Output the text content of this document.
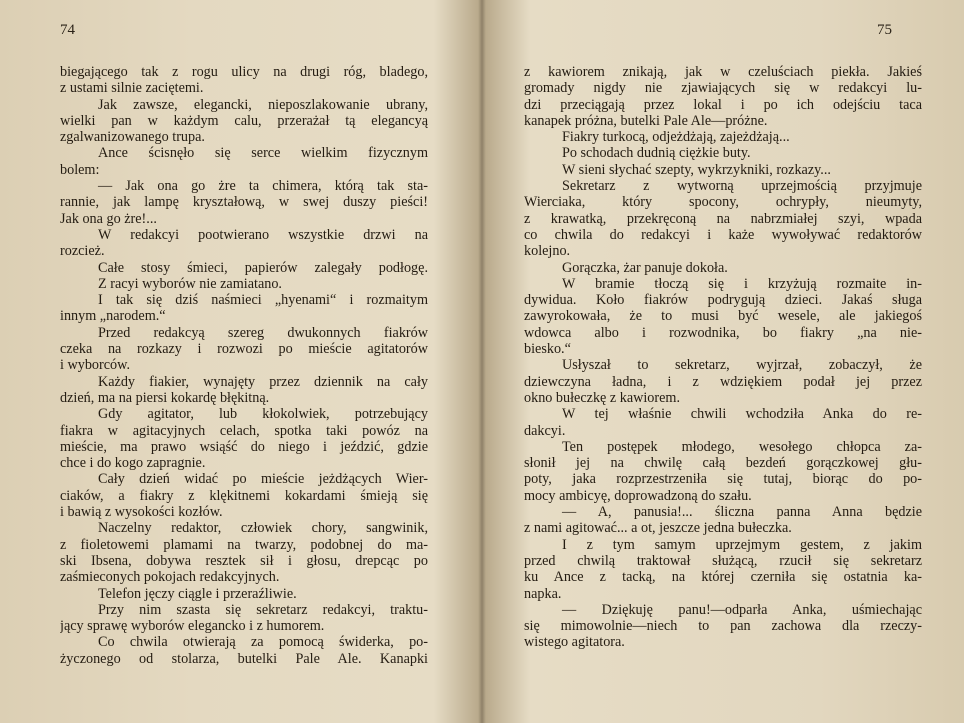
74
biegającego tak z rogu ulicy na drugi róg, bladego,
z ustami silnie zaciętemi.
Jak zawsze, elegancki, nieposzlakowanie ubrany,
wielki pan w każdym calu, przerażał tą elegancyą
zgalwanizowanego trupa.
Ance ścisnęło się serce wielkim fizycznym
bolem:
— Jak ona go żre ta chimera, którą tak sta-
rannie, jak lampę kryształową, w swej duszy pieści!
Jak ona go żre!...
W redakcyi pootwierano wszystkie drzwi na
rozcież.
Całe stosy śmieci, papierów zalegały podłogę.
Z racyi wyborów nie zamiatano.
I tak się dziś naśmieci „hyenami“ i rozmaitym
innym „narodem.“
Przed redakcyą szereg dwukonnych fiakrów
czeka na rozkazy i rozwozi po mieście agitatorów
i wyborców.
Każdy fiakier, wynajęty przez dziennik na cały
dzień, ma na piersi kokardę błękitną.
Gdy agitator, lub kłokolwiek, potrzebujący
fiakra w agitacyjnych celach, spotka taki powóz na
mieście, ma prawo wsiąść do niego i jeździć, gdzie
chce i do kogo zapragnie.
Cały dzień widać po mieście jeżdżących Wier-
ciaków, a fiakry z klękitnemi kokardami śmieją się
i bawią z wysokości kozłów.
Naczelny redaktor, człowiek chory, sangwinik,
z fioletowemi plamami na twarzy, podobnej do ma-
ski Ibsena, dobywa resztek sił i głosu, drepcąc po
zaśmieconych pokojach redakcyjnych.
Telefon jęczy ciągle i przeraźliwie.
Przy nim szasta się sekretarz redakcyi, traktu-
jący sprawę wyborów elegancko i z humorem.
Co chwila otwierają za pomocą świderka, po-
życzonego od stolarza, butelki Pale Ale. Kanapki
75
z kawiorem znikają, jak w czeluściach piekła. Jakieś
gromady nigdy nie zjawiających się w redakcyi lu-
dzi przeciągają przez lokal i po ich odejściu taca
kanapek próżna, butelki Pale Ale—próżne.
Fiakry turkocą, odjeżdżają, zajeżdżają...
Po schodach dudnią ciężkie buty.
W sieni słychać szepty, wykrzykniki, rozkazy...
Sekretarz z wytworną uprzejmością przyjmuje
Wierciaka, który spocony, ochrypły, nieumyty,
z krawatką, przekręconą na nabrzmiałej szyi, wpada
co chwila do redakcyi i każe wywoływać redaktorów
kolejno.
Gorączka, żar panuje dokoła.
W bramie tłoczą się i krzyżują rozmaite in-
dywidua. Koło fiakrów podrygują dzieci. Jakaś sługa
zawyrokowała, że to musi być wesele, ale jakiegoś
wdowca albo i rozwodnika, bo fiakry „na nie-
biesko.“
Usłyszał to sekretarz, wyjrzał, zobaczył, że
dziewczyna ładna, i z wdziękiem podał jej przez
okno bułeczkę z kawiorem.
W tej właśnie chwili wchodziła Anka do re-
dakcyi.
Ten postępek młodego, wesołego chłopca za-
słonił jej na chwilę całą bezdeń gorączkowej głu-
poty, jaka rozprzestrzeniła się tutaj, biorąc do po-
mocy ambicyę, doprowadzoną do szału.
— A, panusia!... śliczna panna Anna będzie
z nami agitować... a ot, jeszcze jedna bułeczka.
I z tym samym uprzejmym gestem, z jakim
przed chwilą traktował służącą, rzucił się sekretarz
ku Ance z tacką, na której czerniła się ostatnia ka-
napka.
— Dziękuję panu!—odparła Anka, uśmiechając
się mimowolnie—niech to pan zachowa dla rzeczy-
wistego agitatora.
